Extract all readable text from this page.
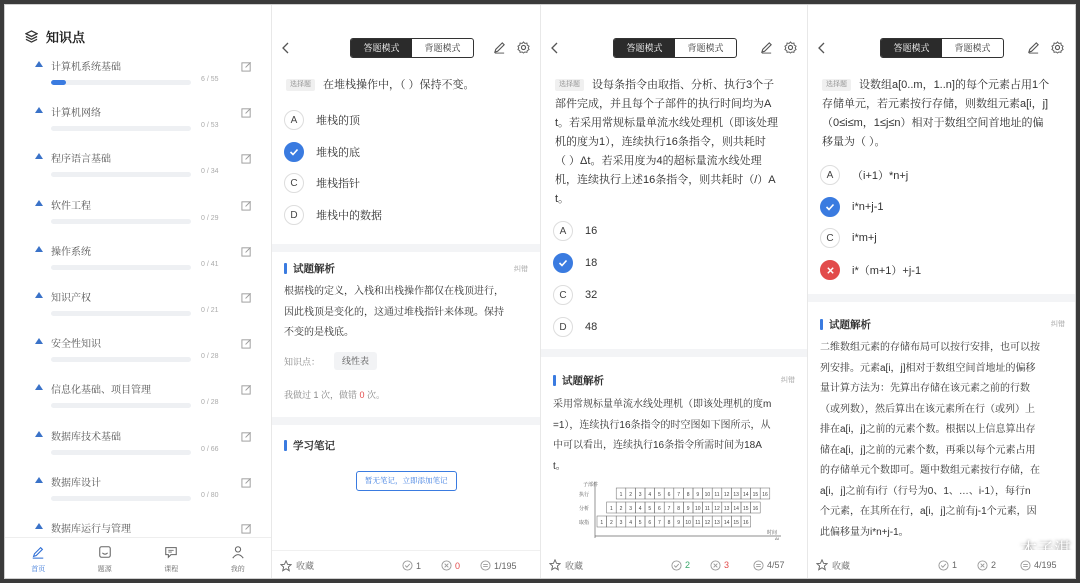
知识点
计算机系统基础
6 / 55
计算机网络
0 / 53
程序语言基础
0 / 34
软件工程
0 / 29
操作系统
0 / 41
知识产权
0 / 21
安全性知识
0 / 28
信息化基础、项目管理
0 / 28
数据库技术基础
0 / 66
数据库设计
0 / 80
数据库运行与管理
首页	题源	课程	我的
答题模式	背题模式
选择题 在堆栈操作中，（ ）保持不变。
A	堆栈的顶
堆栈的底
C	堆栈指针
D	堆栈中的数据
试题解析	纠错
根据栈的定义，入栈和出栈操作都仅在栈顶进行，
因此栈顶是变化的，这通过堆栈指针来体现。保持
不变的是栈底。
知识点：	线性表
我做过 1 次，做错 0 次。
学习笔记
暂无笔记，立即添加笔记
收藏	1	0	1/195
答题模式	背题模式
选择题 设每条指令由取指、分析、执行3个子
部件完成，并且每个子部件的执行时间均为A
t。若采用常规标量单流水线处理机（即该处理
机的度为1），连续执行16条指令，则共耗时
（ ）Δt。若采用度为4的超标量流水线处理
机，连续执行上述16条指令，则共耗时（/）A
t。
A	16
18
C	32
D	48
试题解析	纠错
采用常规标量单流水线处理机（即该处理机的度m
=1），连续执行16条指令的时空图如下图所示，从
中可以看出，连续执行16条指令所需时间为18A
t。
子部件
时间
Δt
执行	1 2 3 4 5 6 7 8 9 10 11 12 13 14 15 16
分析	1 2 3 4 5 6 7 8 9 10 11 12 13 14 15 16
取指 1 2 3 4 5 6 7 8 9 10 11 12 13 14 15 16
收藏	2	3	4/57
答题模式	背题模式
选择题 设数组a[0..m，1..n]的每个元素占用1个
存储单元，若元素按行存储，则数组元素a[i，j]
（0≤i≤m，1≤j≤n）相对于数组空间首地址的偏
移量为（ ）。
A	（i+1）*n+j
i*n+j-1
C	i*m+j
i*（m+1）+j-1
试题解析	纠错
二维数组元素的存储布局可以按行安排，也可以按
列安排。元素a[i，j]相对于数组空间首地址的偏移
量计算方法为：先算出存储在该元素之前的行数
（或列数），然后算出在该元素所在行（或列）上
排在a[i，j]之前的元素个数。根据以上信息算出存
储在a[i，j]之前的元素个数，再乘以每个元素占用
的存储单元个数即可。题中数组元素按行存储，在
a[i，j]之前有i行（行号为0、1、…、i-1），每行n
个元素，在其所在行，a[i，j]之前有j-1个元素，因
此偏移量为i*n+j-1。
收藏	1	2	4/195
